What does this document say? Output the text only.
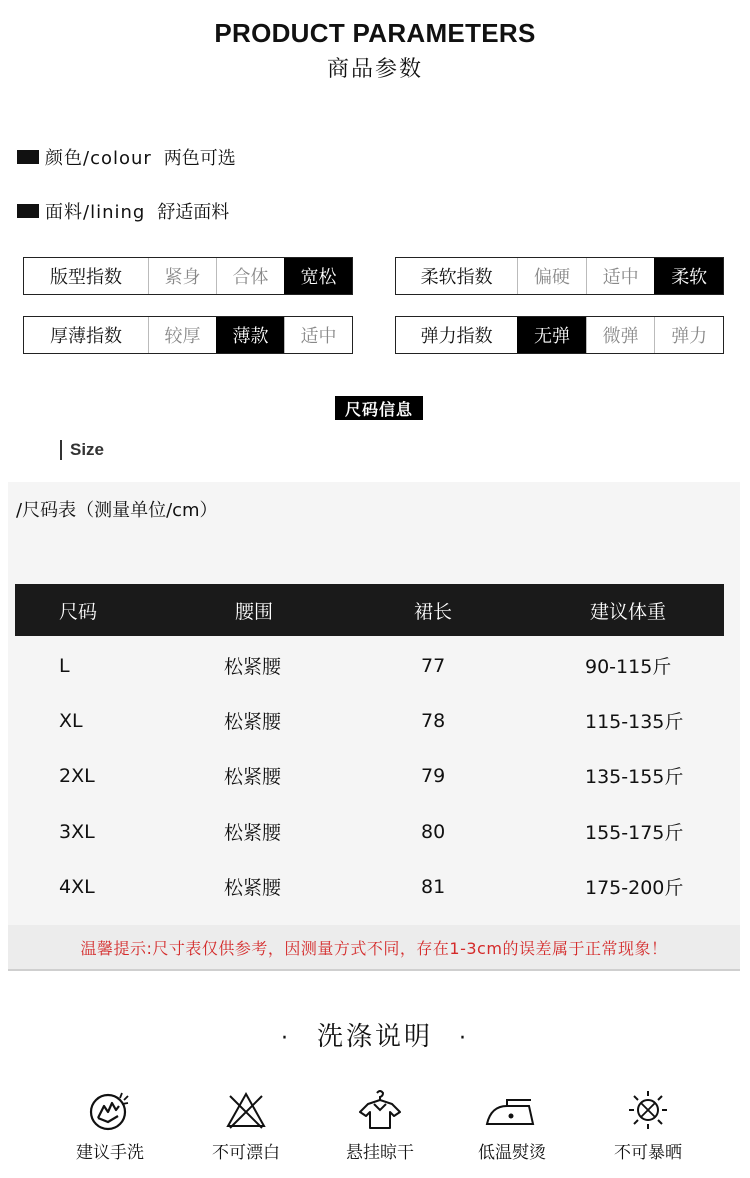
PRODUCT PARAMETERS
商品参数
颜色/colour 两色可选
面料/lining 舒适面料
版型指数	紧身	合体	宽松	柔软指数	偏硬	适中	柔软
厚薄指数	较厚	薄款	适中	弹力指数	无弹	微弹	弹力
尺码信息
Size
/尺码表（测量单位/cm）
尺码	腰围	裙长	建议体重
L	松紧腰	77	90-115斤
XL	松紧腰	78	115-135斤
2XL	松紧腰	79	135-155斤
3XL	松紧腰	80	155-175斤
4XL	松紧腰	81	175-200斤
温馨提示:尺寸表仅供参考，因测量方式不同，存在1-3cm的误差属于正常现象！
· 洗涤说明 ·
建议手洗	不可漂白	悬挂晾干	低温熨烫	不可暴晒
